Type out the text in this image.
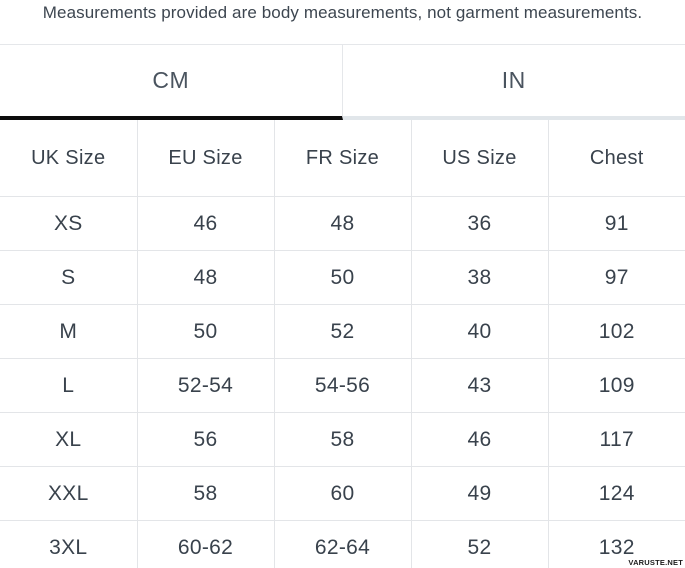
Measurements provided are body measurements, not garment measurements.
CM	IN
UK Size	EU Size	FR Size	US Size	Chest
XS	46	48	36	91
S	48	50	38	97
M	50	52	40	102
L	52-54	54-56	43	109
XL	56	58	46	117
XXL	58	60	49	124
3XL	60-62	62-64	52	132
VARUSTE.NET
